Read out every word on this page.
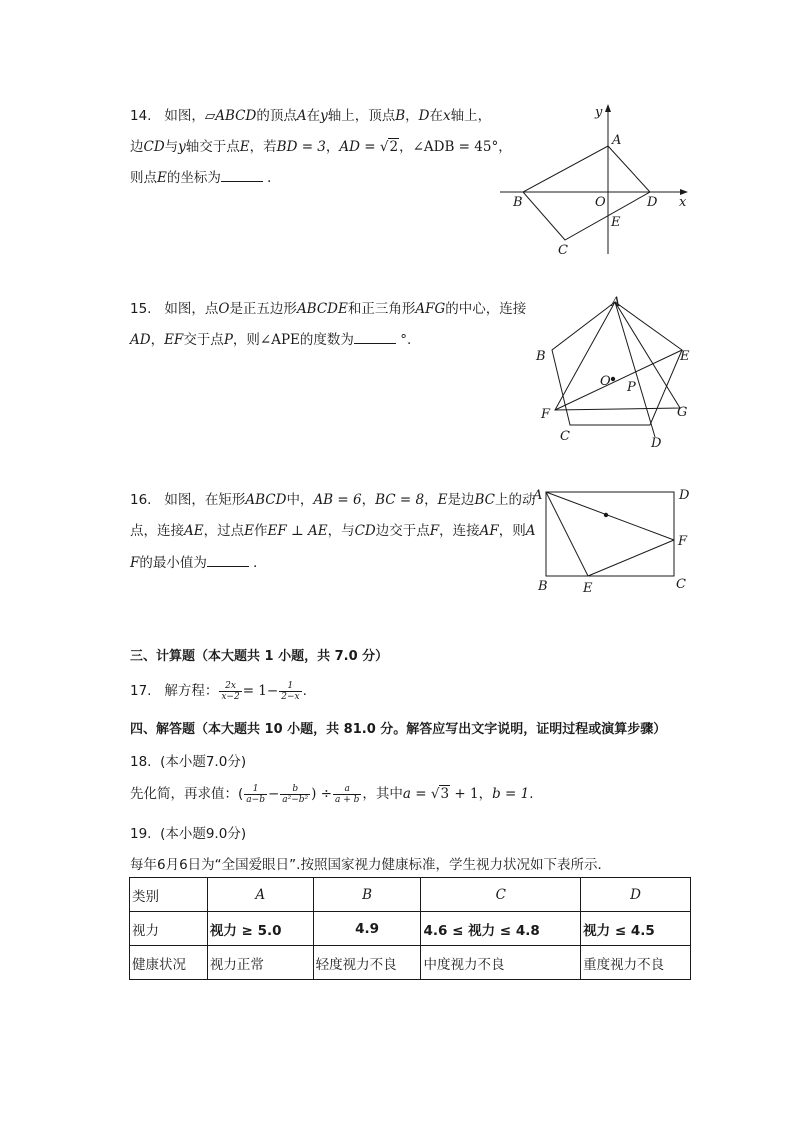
14. 如图，▱ABCD的顶点A在y轴上，顶点B，D在x轴上，
边CD与y轴交于点E，若BD = 3，AD = √2，∠ADB = 45°，
则点E的坐标为	．
y
x
A
B	O	D
E
C
15. 如图，点O是正五边形ABCDE和正三角形AFG的中心，连接
AD，EF交于点P，则∠APE的度数为	°.
A
B	E
O P
F	G
C	D
16. 如图，在矩形ABCD中，AB = 6，BC = 8，E是边BC上的动
点，连接AE，过点E作EF ⊥ AE，与CD边交于点F，连接AF，则A
F的最小值为	．
A	D
F
B	E	C
三、计算题（本大题共 1 小题，共 7.0 分）
17. 解方程： $\frac{2x}{x-2} = 1- \frac{1}{2-x}$ .
四、解答题（本大题共 10 小题，共 81.0 分。解答应写出文字说明，证明过程或演算步骤）
18. (本小题7.0分)
先化简，再求值：( $\frac{1}{a-b} - \frac{b}{\text{a²−b²}}$ ) ÷ $\frac{a}{a + b}$ ，其中a = √3 + 1，b = 1.
19. (本小题9.0分)
每年6月6日为“全国爱眼日”.按照国家视力健康标准，学生视力状况如下表所示．
类别	A	B	C	D
视力	视力 ≥ 5.0	4.9	4.6 ≤ 视力 ≤ 4.8	视力 ≤ 4.5
健康状况	视力正常	轻度视力不良	中度视力不良	重度视力不良
